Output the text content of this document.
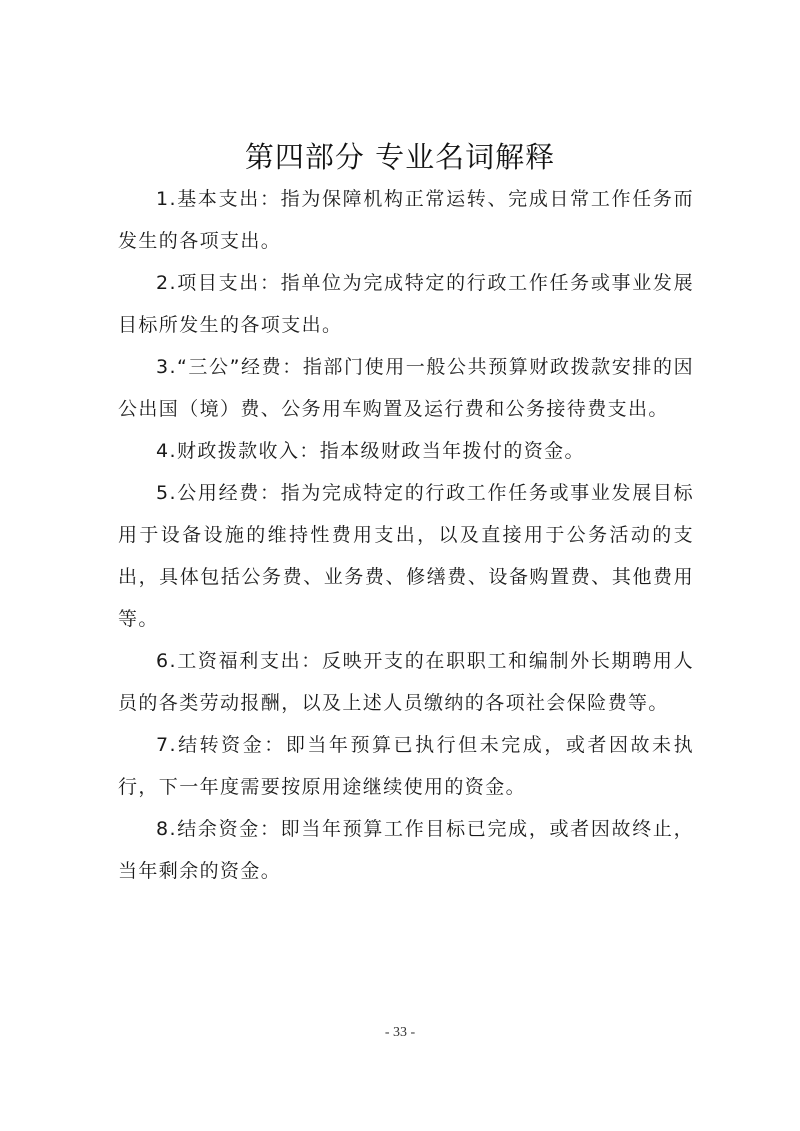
第四部分 专业名词解释

1.基本支出：指为保障机构正常运转、完成日常工作任务而发生的各项支出。

2.项目支出：指单位为完成特定的行政工作任务或事业发展目标所发生的各项支出。

3.“三公”经费：指部门使用一般公共预算财政拨款安排的因公出国（境）费、公务用车购置及运行费和公务接待费支出。

4.财政拨款收入：指本级财政当年拨付的资金。

5.公用经费：指为完成特定的行政工作任务或事业发展目标用于设备设施的维持性费用支出，以及直接用于公务活动的支出，具体包括公务费、业务费、修缮费、设备购置费、其他费用等。

6.工资福利支出：反映开支的在职职工和编制外长期聘用人员的各类劳动报酬，以及上述人员缴纳的各项社会保险费等。

7.结转资金：即当年预算已执行但未完成，或者因故未执行，下一年度需要按原用途继续使用的资金。

8.结余资金：即当年预算工作目标已完成，或者因故终止，当年剩余的资金。

- 33 -
